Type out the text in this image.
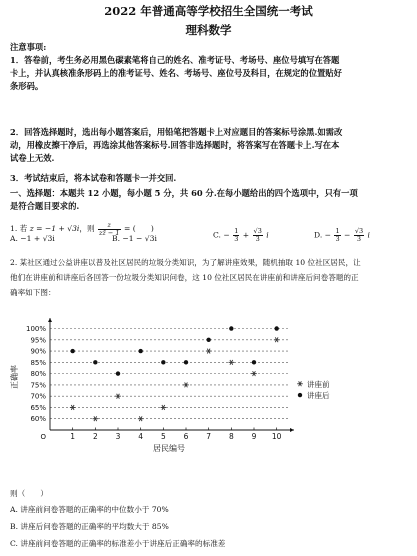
2022 年普通高等学校招生全国统一考试
理科数学
注意事项:
1．答卷前，考生务必用黑色碳素笔将自己的姓名、准考证号、考场号、座位号填写在答题
卡上，并认真核准条形码上的准考证号、姓名、考场号、座位号及科目，在规定的位置贴好
条形码。
2．回答选择题时，选出每小题答案后，用铅笔把答题卡上对应题目的答案标号涂黑.如需改
动，用橡皮擦干净后，再选涂其他答案标号.回答非选择题时，将答案写在答题卡上.写在本
试卷上无效.
3．考试结束后，将本试卷和答题卡一并交回.
一、选择题：本题共 12 小题，每小题 5 分，共 60 分.在每小题给出的四个选项中，只有一项
是符合题目要求的.
1. 若 z = −1 + √3i，则 $\frac{z}{zz̄ - 1}$ = (　　)
A. −1 + √3i	B. −1 − √3i	C. − $\frac{1}{3} + \frac{√3}{3}$ i	D. − $\frac{1}{3} - \frac{√3}{3}$ i
2. 某社区通过公益讲座以普及社区居民的垃圾分类知识，为了解讲座效果，随机抽取 10 位社区居民，让
他们在讲座前和讲座后各回答一份垃圾分类知识问卷，这 10 位社区居民在讲座前和讲座后问卷答题的正
确率如下图：
60%
65%
70%
75%
80%
85%
90%
95%
100%
O	1 2 3 4 5 6 7 8 9 10
居民编号
正确率	讲座前
讲座后
则（　　）
A. 讲座前问卷答题的正确率的中位数小于 70%
B. 讲座后问卷答题的正确率的平均数大于 85%
C. 讲座前问卷答题的正确率的标准差小于讲座后正确率的标准差
